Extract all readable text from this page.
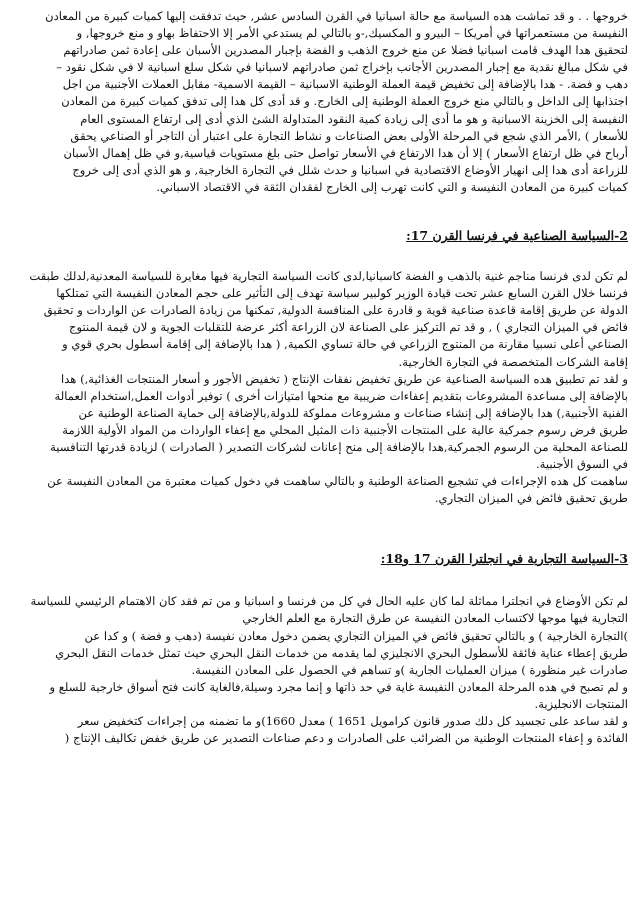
خروجها . . و قد تماشت هده السياسة مع حالة اسبانيا في القرن السادس عشر, حيث تدفقت إليها كميات كبيرة من المعادن
النفيسة من مستعمراتها في أمريكا – البيرو و المكسيك,-و بالتالي لم يستدعي الأمر إلا الاحتفاظ بهاو و منع خروجها, و
لتحقيق هدا الهدف قامت اسبانيا فضلا عن منع خروج الذهب و الفضة بإجبار المصدرين الأسبان على إعادة ثمن صادراتهم
في شكل مبالغ نقدية مع إجبار المصدرين الأجانب بإخراج ثمن صادراتهم لاسبانيا في شكل سلع اسبانية لا في شكل نقود –
دهب و فضة. - هدا بالإضافة إلى تخفيض قيمة العملة الوطنية الاسبانية – القيمة الاسمية- مقابل العملات الأجنبية من اجل
اجتذابها إلى الداخل و بالتالي منع خروج العملة الوطنية إلى الخارج. و قد أدى كل هدا إلى تدفق كميات كبيرة من المعادن
النفيسة إلى الخزينة الاسبانية و هو ما أدى إلى زيادة كمية النقود المتداولة الشئ الذي أدى إلى ارتفاع المستوى العام
للأسعار ) ,الأمر الذي شجع في المرحلة الأولى بعض الصناعات و نشاط التجارة على اعتبار أن التاجر أو الصناعي يحقق
أرباح في ظل ارتفاع الأسعار ) إلا أن هدا الارتفاع في الأسعار تواصل حتى بلغ مستويات قياسية,و في ظل إهمال الأسبان
للزراعة أدى هدا إلى انهيار الأوضاع الاقتصادية في اسبانيا و حدث شلل في التجارة الخارجية, و هو الذي أدى إلى خروج
كميات كبيرة من المعادن النفيسة و التي كانت تهرب إلى الخارج لفقدان الثقة في الاقتصاد الاسباني.
2-السياسة الصناعية في فرنسا القرن 17:
لم تكن لدى فرنسا مناجم غنية بالذهب و الفضة كاسبانيا,لدى كانت السياسة التجارية فيها مغايرة للسياسة المعدنية,لدلك طبقت
فرنسا خلال القرن السابع عشر تحت قيادة الوزير كولبير سياسة تهدف إلى التأثير على حجم المعادن النفيسة التي تمتلكها
الدولة عن طريق إقامة قاعدة صناعية قوية و قادرة على المنافسة الدولية, تمكنها من زيادة الصادرات عن الواردات و تحقيق
فائض في الميزان التجاري ) , و قد تم التركيز على الصناعة لان الزراعة أكثر عرضة للتقلبات الجوية و لان قيمة المنتوج
الصناعي أعلى نسبيا مقارنة من المنتوج الزراعي في حالة تساوي الكمية, ( هدا بالإضافة إلى إقامة أسطول بحري قوي و
إقامة الشركات المتخصصة في التجارة الخارجية.
و لقد تم تطبيق هده السياسة الصناعية عن طريق تخفيض نفقات الإنتاج ( تخفيض الأجور و أسعار المنتجات الغذائية,) هدا
بالإضافة إلى مساعدة المشروعات بتقديم إعفاءات ضريبية مع منحها امتيازات أخرى ) توفير أدوات العمل,استخدام العمالة
الفنية الأجنبية,) هدا بالإضافة إلى إنشاء صناعات و مشروعات مملوكة للدولة,بالإضافة إلى حماية الصناعة الوطنية عن
طريق فرض رسوم جمركية عالية على المنتجات الأجنبية ذات المثيل المحلي مع إعفاء الواردات من المواد الأولية اللازمة
للصناعة المحلية من الرسوم الجمركية,هدا بالإضافة إلى منح إعانات لشركات التصدير ( الصادرات ) لزيادة قدرتها التنافسية
في السوق الأجنبية.
ساهمت كل هده الإجراءات في تشجيع الصناعة الوطنية و بالتالي ساهمت في دخول كميات معتبرة من المعادن النفيسة عن
طريق تحقيق فائض في الميزان التجاري.
3-السياسة التجارية في انجلترا القرن 17 و18:
لم تكن الأوضاع في انجلترا مماثلة لما كان عليه الحال في كل من فرنسا و اسبانيا و من تم فقد كان الاهتمام الرئيسي للسياسة
التجارية فيها موجها لاكتساب المعادن النفيسة عن طرق التجارة مع العلم الخارجي
)التجارة الخارجية ) و بالتالي تحقيق فائض في الميزان التجاري يضمن دخول معادن نفيسة (دهب و فضة ) و كدا عن
طريق إعطاء عناية فائقة للأسطول البحري الانجليزي لما يقدمه من خدمات النقل البحري حيث تمثل خدمات النقل البحري
صادرات غير منظورة ) ميزان العمليات الجارية )و تساهم في الحصول على المعادن النفيسة.
و لم تصبح في هده المرحلة المعادن النفيسة غاية في حد ذاتها و إنما مجرد وسيلة,فالغاية كانت فتح أسواق خارجية للسلع و
المنتجات الانجليزية.
و لقد ساعد على تجسيد كل دلك صدور قانون كرامويل 1651 ) معدل 1660)و ما تضمنه من إجراءات كتخفيض سعر
الفائدة و إعفاء المنتجات الوطنية من الضرائب على الصادرات و دعم صناعات التصدير عن طريق خفض تكاليف الإنتاج (
